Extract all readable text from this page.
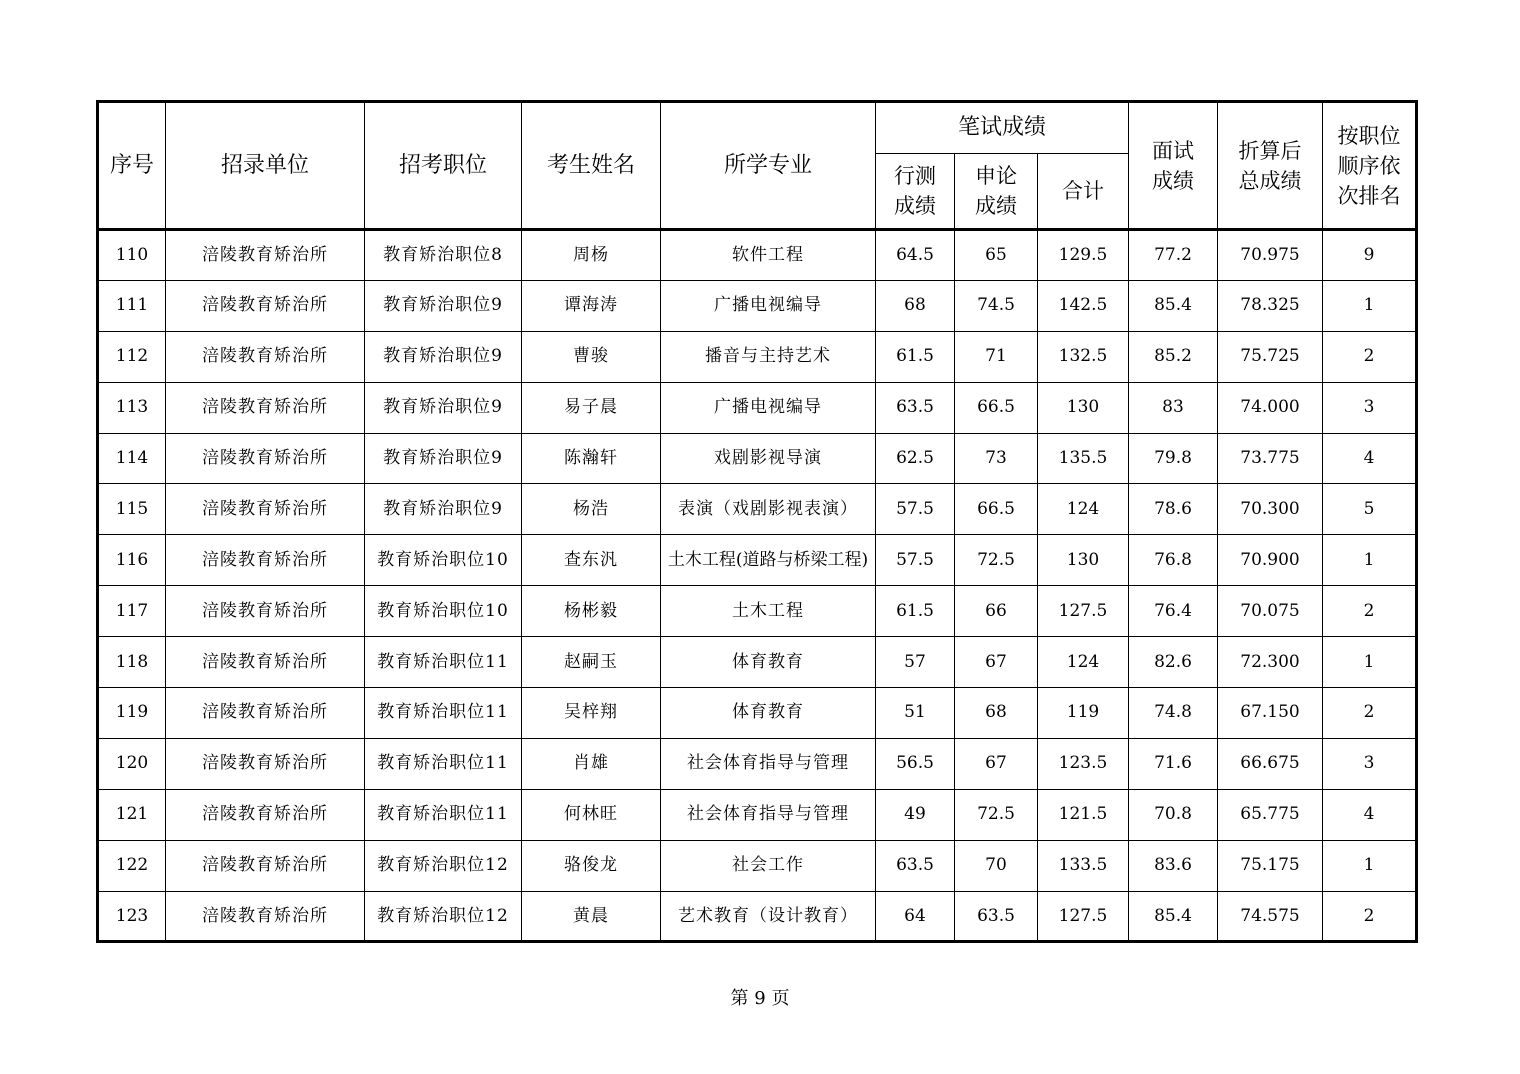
序号	招录单位	招考职位	考生姓名	所学专业	笔试成绩			面试成绩	折算后总成绩	按职位顺序依次排名

					行测成绩	申论成绩	合计			
110	涪陵教育矫治所	教育矫治职位8	周杨	软件工程	64.5	65	129.5	77.2	70.975	9
111	涪陵教育矫治所	教育矫治职位9	谭海涛	广播电视编导	68	74.5	142.5	85.4	78.325	1
112	涪陵教育矫治所	教育矫治职位9	曹骏	播音与主持艺术	61.5	71	132.5	85.2	75.725	2
113	涪陵教育矫治所	教育矫治职位9	易子晨	广播电视编导	63.5	66.5	130	83	74.000	3
114	涪陵教育矫治所	教育矫治职位9	陈瀚轩	戏剧影视导演	62.5	73	135.5	79.8	73.775	4
115	涪陵教育矫治所	教育矫治职位9	杨浩	表演（戏剧影视表演）	57.5	66.5	124	78.6	70.300	5
116	涪陵教育矫治所	教育矫治职位10	查东汎	土木工程(道路与桥梁工程)	57.5	72.5	130	76.8	70.900	1
117	涪陵教育矫治所	教育矫治职位10	杨彬毅	土木工程	61.5	66	127.5	76.4	70.075	2
118	涪陵教育矫治所	教育矫治职位11	赵嗣玉	体育教育	57	67	124	82.6	72.300	1
119	涪陵教育矫治所	教育矫治职位11	吴梓翔	体育教育	51	68	119	74.8	67.150	2
120	涪陵教育矫治所	教育矫治职位11	肖雄	社会体育指导与管理	56.5	67	123.5	71.6	66.675	3
121	涪陵教育矫治所	教育矫治职位11	何林旺	社会体育指导与管理	49	72.5	121.5	70.8	65.775	4
122	涪陵教育矫治所	教育矫治职位12	骆俊龙	社会工作	63.5	70	133.5	83.6	75.175	1
123	涪陵教育矫治所	教育矫治职位12	黄晨	艺术教育（设计教育）	64	63.5	127.5	85.4	74.575	2
第 9 页
